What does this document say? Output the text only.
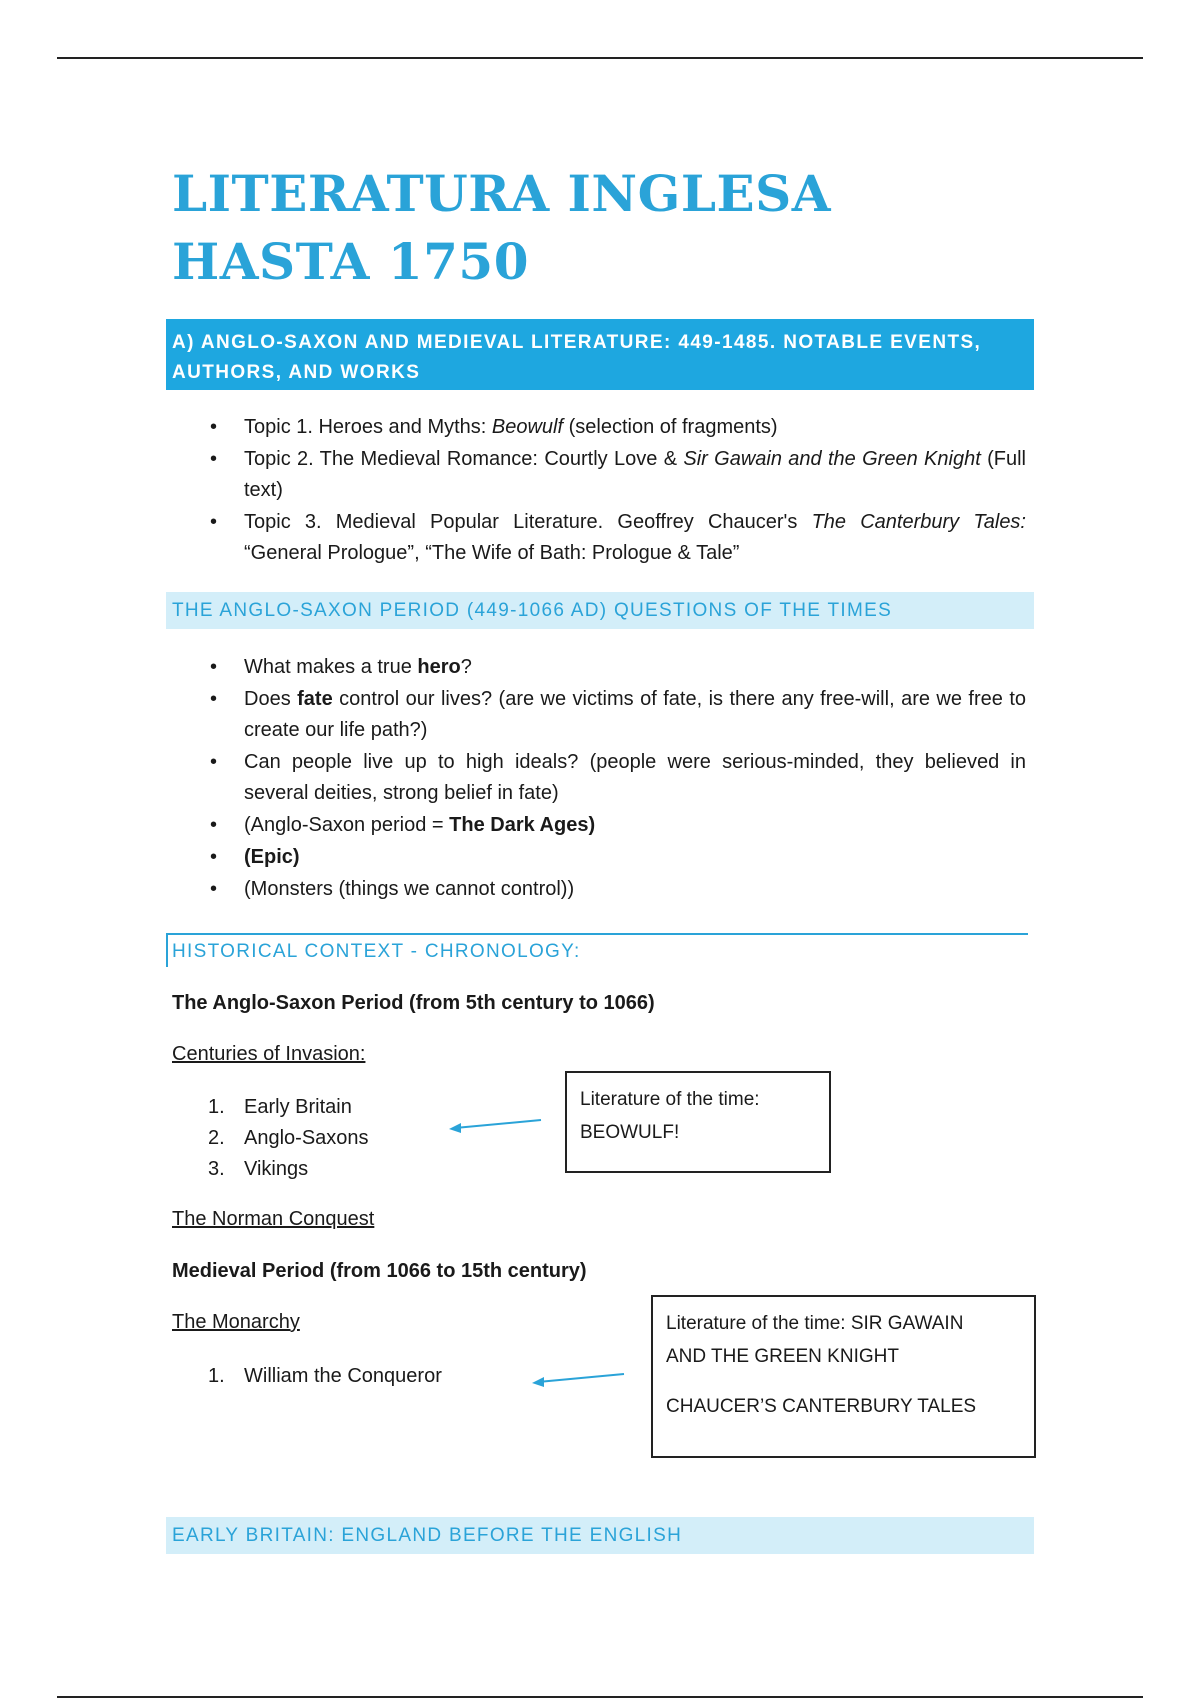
LITERATURA INGLESA
HASTA 1750
A) ANGLO-SAXON AND MEDIEVAL LITERATURE: 449-1485. NOTABLE EVENTS,
AUTHORS, AND WORKS
• Topic 1. Heroes and Myths: Beowulf (selection of fragments)
• Topic 2. The Medieval Romance: Courtly Love & Sir Gawain and the Green Knight (Full text)
• Topic 3. Medieval Popular Literature. Geoffrey Chaucer's The Canterbury Tales: “General Prologue”, “The Wife of Bath: Prologue & Tale”
THE ANGLO-SAXON PERIOD (449-1066 AD) QUESTIONS OF THE TIMES
• What makes a true hero?
• Does fate control our lives? (are we victims of fate, is there any free-will, are we free to create our life path?)
• Can people live up to high ideals? (people were serious-minded, they believed in several deities, strong belief in fate)
• (Anglo-Saxon period = The Dark Ages)
• (Epic)
• (Monsters (things we cannot control))
HISTORICAL CONTEXT - CHRONOLOGY:
The Anglo-Saxon Period (from 5th century to 1066)
Centuries of Invasion:
1. Early Britain
2. Anglo-Saxons
3. Vikings
Literature of the time:
BEOWULF!
The Norman Conquest
Medieval Period (from 1066 to 15th century)
The Monarchy
1. William the Conqueror
Literature of the time: SIR GAWAIN
AND THE GREEN KNIGHT
CHAUCER’S CANTERBURY TALES
EARLY BRITAIN: ENGLAND BEFORE THE ENGLISH
